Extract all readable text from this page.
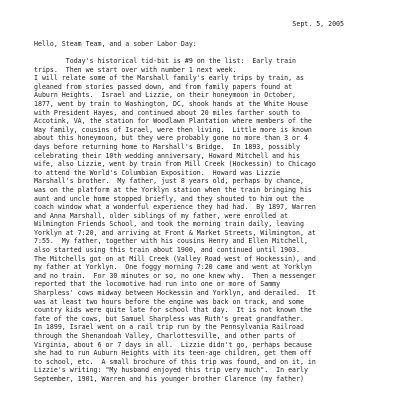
Sept. 5, 2005
Hello, Steam Team, and a sober Labor Day:
Today's historical tid-bit is #9 on the list:  Early train
trips.  Then we start over with number 1 next week.
I will relate some of the Marshall family's early trips by train, as
gleaned from stories passed down, and from family papers found at
Auburn Heights.  Israel and Lizzie, on their honeymoon in October,
1877, went by train to Washington, DC, shook hands at the White House
with President Hayes, and continued about 20 miles farther south to
Accotink, VA, the station for Woodlawn Plantation where members of the
Way family, cousins of Israel, were then living.  Little more is known
about this honeymoon, but they were probably gone no more than 3 or 4
days before returning home to Marshall's Bridge.  In 1893, possibly
celebrating their 10th wedding anniversary, Howard Mitchell and his
wife, also Lizzie, went by train from Mill Creek (Hockessin) to Chicago
to attend the World's Columbian Exposition.  Howard was Lizzie
Marshall's brother.  My father, just 8 years old, perhaps by chance,
was on the platform at the Yorklyn station when the train bringing his
aunt and uncle home stopped briefly, and they shouted to him out the
coach window what a wonderful experience they had had.  By 1897, Warren
and Anna Marshall, older siblings of my father, were enrolled at
Wilmington Friends School, and took the morning train daily, leaving
Yorklyn at 7:20, and arriving at Front & Market Streets, Wilmington, at
7:55.  My father, together with his cousins Henry and Ellen Mitchell,
also started using this train about 1900, and continued until 1903.
The Mitchells got on at Mill Creek (Valley Road west of Hockessin), and
my father at Yorklyn.  One foggy morning 7:20 came and went at Yorklyn
and no train.  For 30 minutes or so, no one knew why.  Then a messenger
reported that the locomotive had run into one or more of Sammy
Sharpless' cows midway between Hockessin and Yorklyn, and derailed.  It
was at least two hours before the engine was back on track, and some
country kids were quite late for school that day.  It is not known the
fate of the cows, but Samuel Sharpless was Ruth's great grandfather.
In 1899, Israel went on a rail trip run by the Pennsylvania Railroad
through the Shenandoah Valley, Charlottesville, and other parts of
Virginia, about 6 or 7 days in all.  Lizzie didn't go, perhaps because
she had to run Auburn Heights with its teen-age children, get them off
to school, etc.  A small brochure of this trip was found, and on it, in
Lizzie's writing: "My husband enjoyed this trip very much".  In early
September, 1901, Warren and his younger brother Clarence (my father)
